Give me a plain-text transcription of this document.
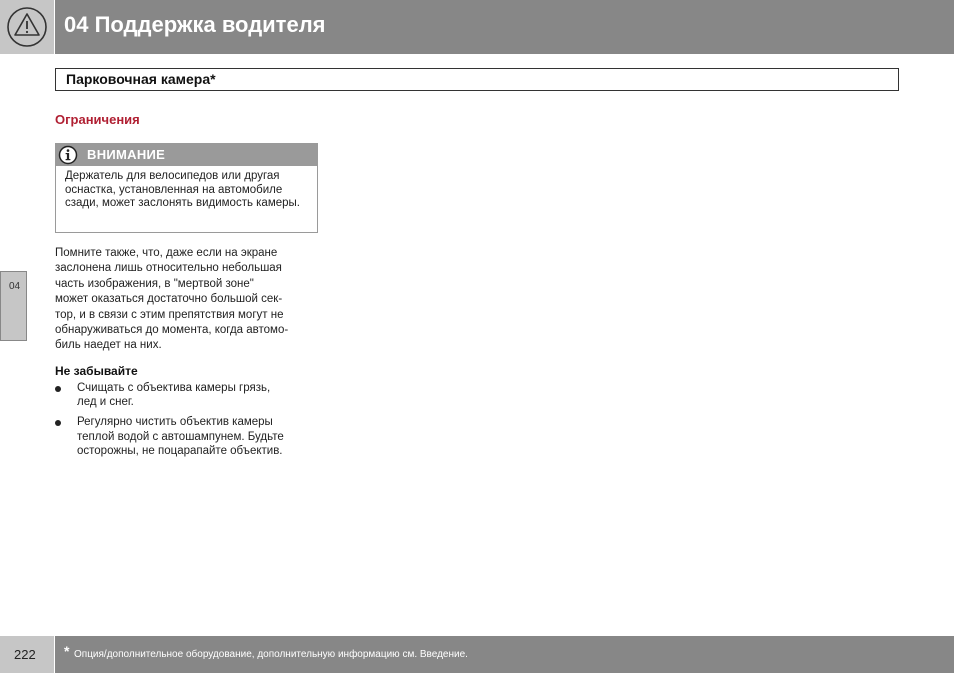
04 Поддержка водителя
Парковочная камера*
Ограничения
ВНИМАНИЕ
Держатель для велосипедов или другая оснастка, установленная на автомобиле сзади, может заслонять видимость камеры.
Помните также, что, даже если на экране
заслонена лишь относительно небольшая
часть изображения, в "мертвой зоне"
может оказаться достаточно большой сек-
тор, и в связи с этим препятствия могут не
обнаруживаться до момента, когда автомо-
биль наедет на них.
Не забывайте
Счищать с объектива камеры грязь,
лед и снег.
Регулярно чистить объектив камеры
теплой водой с автошампунем. Будьте
осторожны, не поцарапайте объектив.
04
222 * Опция/дополнительное оборудование, дополнительную информацию см. Введение.
